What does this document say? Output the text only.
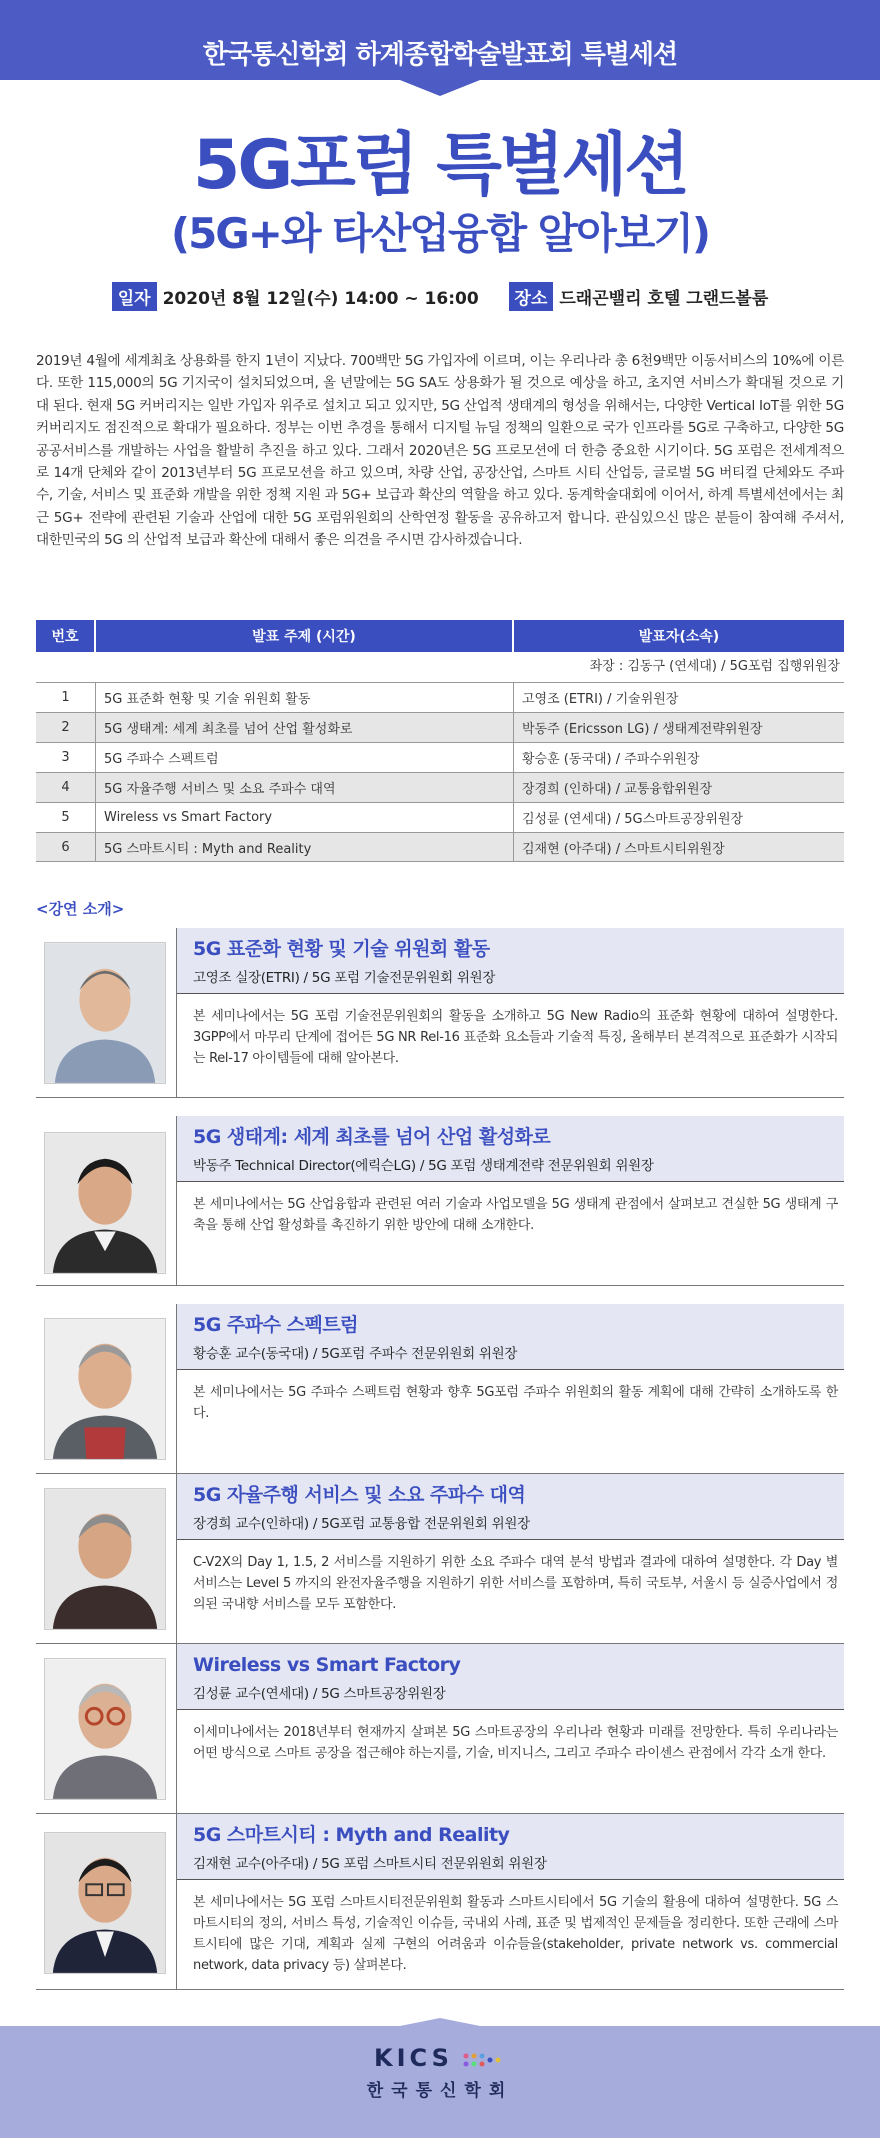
한국통신학회 하계종합학술발표회 특별세션
5G포럼 특별세션
(5G+와 타산업융합 알아보기)
일자 2020년 8월 12일(수) 14:00 ~ 16:00 장소 드래곤밸리 호텔 그랜드볼룸
2019년 4월에 세계최초 상용화를 한지 1년이 지났다. 700백만 5G 가입자에 이르며, 이는 우리나라 총 6천9백만 이동서비스의 10%에 이른다. 또한 115,000의 5G 기지국이 설치되었으며, 올 년말에는 5G SA도 상용화가 될 것으로 예상을 하고, 초지연 서비스가 확대될 것으로 기대 된다. 현재 5G 커버리지는 일반 가입자 위주로 설치고 되고 있지만, 5G 산업적 생태계의 형성을 위해서는, 다양한 Vertical IoT를 위한 5G 커버리지도 점진적으로 확대가 필요하다. 정부는 이번 추경을 통해서 디지털 뉴딜 정책의 일환으로 국가 인프라를 5G로 구축하고, 다양한 5G 공공서비스를 개발하는 사업을 활발히 추진을 하고 있다. 그래서 2020년은 5G 프로모션에 더 한층 중요한 시기이다. 5G 포럼은 전세계적으로 14개 단체와 같이 2013년부터 5G 프로모션을 하고 있으며, 차량 산업, 공장산업, 스마트 시티 산업등, 글로벌 5G 버티컬 단체와도 주파수, 기술, 서비스 및 표준화 개발을 위한 정책 지원 과 5G+ 보급과 확산의 역할을 하고 있다. 동계학술대회에 이어서, 하계 특별세션에서는 최근 5G+ 전략에 관련된 기술과 산업에 대한 5G 포럼위원회의 산학연정 활동을 공유하고저 합니다. 관심있으신 많은 분들이 참여해 주셔서, 대한민국의 5G 의 산업적 보급과 확산에 대해서 좋은 의견을 주시면 감사하겠습니다.
번호	발표 주제 (시간)	발표자(소속)
좌장 : 김동구 (연세대) / 5G포럼 집행위원장
1	5G 표준화 현황 및 기술 위원회 활동	고영조 (ETRI) / 기술위원장
2	5G 생태계: 세계 최초를 넘어 산업 활성화로	박동주 (Ericsson LG) / 생태계전략위원장
3	5G 주파수 스펙트럼	황승훈 (동국대) / 주파수위원장
4	5G 자율주행 서비스 및 소요 주파수 대역	장경희 (인하대) / 교통융합위원장
5	Wireless vs Smart Factory	김성륜 (연세대) / 5G스마트공장위원장
6	5G 스마트시티 : Myth and Reality	김재현 (아주대) / 스마트시티위원장
<강연 소개>
5G 표준화 현황 및 기술 위원회 활동
고영조 실장(ETRI) / 5G 포럼 기술전문위원회 위원장
본 세미나에서는 5G 포럼 기술전문위원회의 활동을 소개하고 5G New Radio의 표준화 현황에 대하여 설명한다. 3GPP에서 마무리 단계에 접어든 5G NR Rel-16 표준화 요소들과 기술적 특징, 올해부터 본격적으로 표준화가 시작되는 Rel-17 아이템들에 대해 알아본다.
5G 생태계: 세계 최초를 넘어 산업 활성화로
박동주 Technical Director(에릭슨LG) / 5G 포럼 생태계전략 전문위원회 위원장
본 세미나에서는 5G 산업융합과 관련된 여러 기술과 사업모델을 5G 생태계 관점에서 살펴보고 견실한 5G 생태계 구축을 통해 산업 활성화를 촉진하기 위한 방안에 대해 소개한다.
5G 주파수 스펙트럼
황승훈 교수(동국대) / 5G포럼 주파수 전문위원회 위원장
본 세미나에서는 5G 주파수 스펙트럼 현황과 향후 5G포럼 주파수 위원회의 활동 계획에 대해 간략히 소개하도록 한다.
5G 자율주행 서비스 및 소요 주파수 대역
장경희 교수(인하대) / 5G포럼 교통융합 전문위원회 위원장
C-V2X의 Day 1, 1.5, 2 서비스를 지원하기 위한 소요 주파수 대역 분석 방법과 결과에 대하여 설명한다. 각 Day 별 서비스는 Level 5 까지의 완전자율주행을 지원하기 위한 서비스를 포함하며, 특히 국토부, 서울시 등 실증사업에서 정의된 국내향 서비스를 모두 포함한다.
Wireless vs Smart Factory
김성륜 교수(연세대) / 5G 스마트공장위원장
이세미나에서는 2018년부터 현재까지 살펴본 5G 스마트공장의 우리나라 현황과 미래를 전망한다. 특히 우리나라는 어떤 방식으로 스마트 공장을 접근해야 하는지를, 기술, 비지니스, 그리고 주파수 라이센스 관점에서 각각 소개 한다.
5G 스마트시티 : Myth and Reality
김재현 교수(아주대) / 5G 포럼 스마트시티 전문위원회 위원장
본 세미나에서는 5G 포럼 스마트시티전문위원회 활동과 스마트시티에서 5G 기술의 활용에 대하여 설명한다. 5G 스마트시티의 정의, 서비스 특성, 기술적인 이슈들, 국내외 사례, 표준 및 법제적인 문제들을 정리한다. 또한 근래에 스마트시티에 많은 기대, 계획과 실제 구현의 어려움과 이슈들을(stakeholder, private network vs. commercial network, data privacy 등) 살펴본다.
KICS
한국통신학회
